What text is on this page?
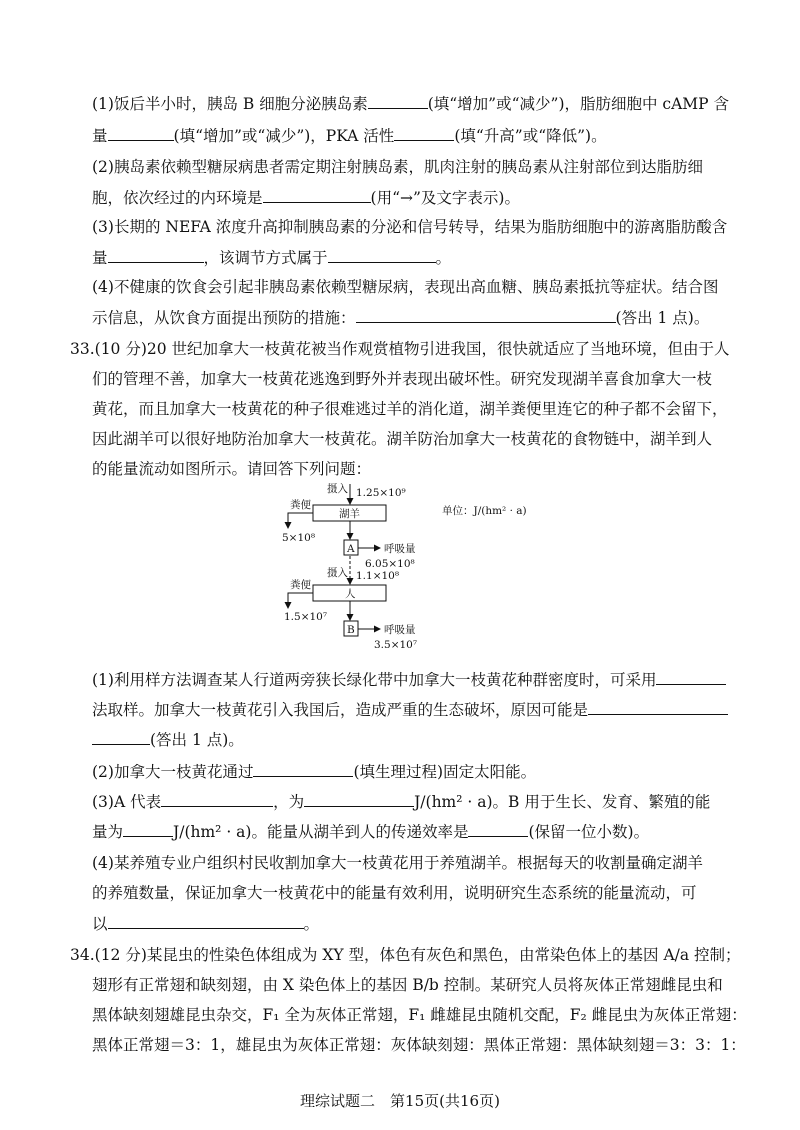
(1)饭后半小时，胰岛 B 细胞分泌胰岛素	(填“增加”或“减少”)，脂肪细胞中 cAMP 含
量	(填“增加”或“减少”)，PKA 活性	(填“升高”或“降低”)。
(2)胰岛素依赖型糖尿病患者需定期注射胰岛素，肌肉注射的胰岛素从注射部位到达脂肪细
胞，依次经过的内环境是	(用“→”及文字表示)。
(3)长期的 NEFA 浓度升高抑制胰岛素的分泌和信号转导，结果为脂肪细胞中的游离脂肪酸含
量	，该调节方式属于	。
(4)不健康的饮食会引起非胰岛素依赖型糖尿病，表现出高血糖、胰岛素抵抗等症状。结合图
示信息，从饮食方面提出预防的措施：	(答出 1 点)。
33.(10 分)20 世纪加拿大一枝黄花被当作观赏植物引进我国，很快就适应了当地环境，但由于人
们的管理不善，加拿大一枝黄花逃逸到野外并表现出破坏性。研究发现湖羊喜食加拿大一枝
黄花，而且加拿大一枝黄花的种子很难逃过羊的消化道，湖羊粪便里连它的种子都不会留下，
因此湖羊可以很好地防治加拿大一枝黄花。湖羊防治加拿大一枝黄花的食物链中，湖羊到人
的能量流动如图所示。请回答下列问题：
摄入 1.25×10⁹
湖羊
粪便
5×10⁸
A	呼吸量
6.05×10⁸
摄入 1.1×10⁸
人
粪便
1.5×10⁷
B	呼吸量
3.5×10⁷
单位：J/(hm² · a)
(1)利用样方法调查某人行道两旁狭长绿化带中加拿大一枝黄花种群密度时，可采用
法取样。加拿大一枝黄花引入我国后，造成严重的生态破坏，原因可能是
(答出 1 点)。
(2)加拿大一枝黄花通过	(填生理过程)固定太阳能。
(3)A 代表	，为	J/(hm² · a)。B 用于生长、发育、繁殖的能
量为	J/(hm² · a)。能量从湖羊到人的传递效率是	(保留一位小数)。
(4)某养殖专业户组织村民收割加拿大一枝黄花用于养殖湖羊。根据每天的收割量确定湖羊
的养殖数量，保证加拿大一枝黄花中的能量有效利用，说明研究生态系统的能量流动，可
以	。
34.(12 分)某昆虫的性染色体组成为 XY 型，体色有灰色和黑色，由常染色体上的基因 A/a 控制；
翅形有正常翅和缺刻翅，由 X 染色体上的基因 B/b 控制。某研究人员将灰体正常翅雌昆虫和
黑体缺刻翅雄昆虫杂交，F₁ 全为灰体正常翅，F₁ 雌雄昆虫随机交配，F₂ 雌昆虫为灰体正常翅：
黑体正常翅＝3：1，雄昆虫为灰体正常翅：灰体缺刻翅：黑体正常翅：黑体缺刻翅＝3：3：1：
理综试题二　第15页(共16页)
